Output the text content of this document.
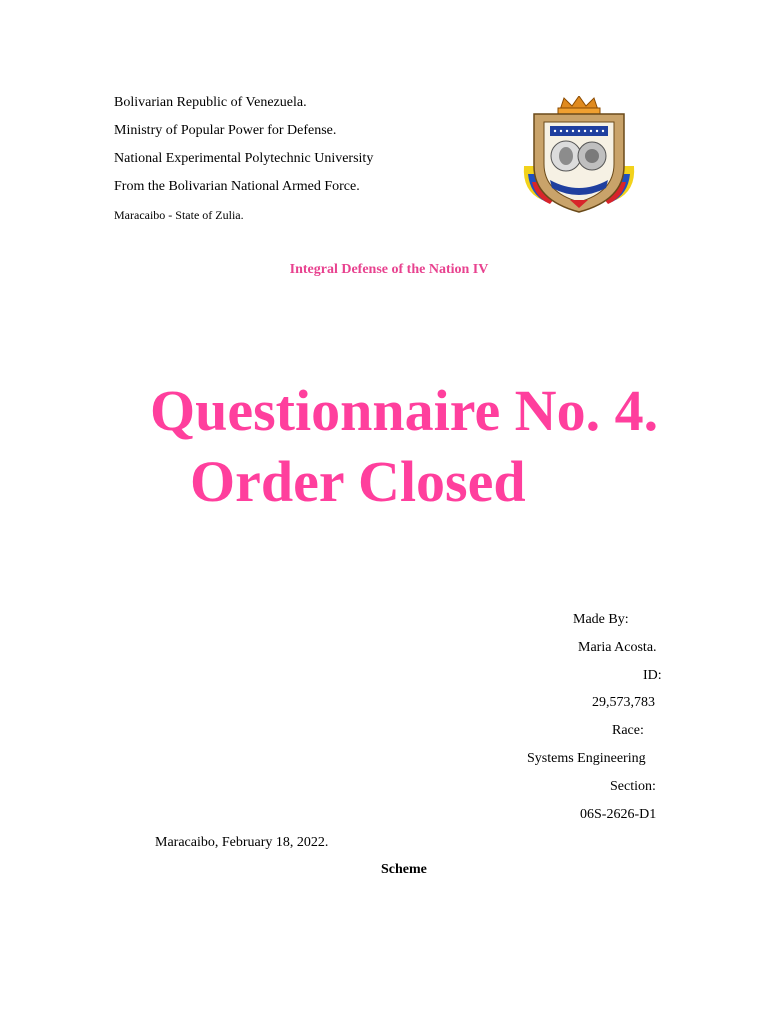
Bolivarian Republic of Venezuela.
Ministry of Popular Power for Defense.
National Experimental Polytechnic University
From the Bolivarian National Armed Force.
Maracaibo - State of Zulia.
Integral Defense of the Nation IV
Questionnaire No. 4.
Order Closed
Made By:
Maria Acosta.
ID:
29,573,783
Race:
Systems Engineering
Section:
06S-2626-D1
Maracaibo, February 18, 2022.
Scheme
